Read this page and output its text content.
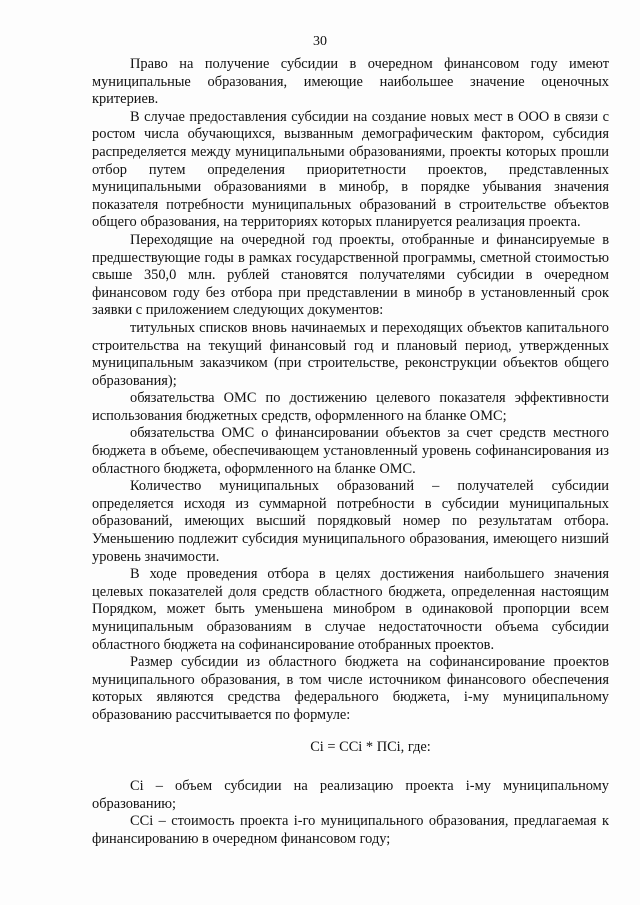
30

Право на получение субсидии в очередном финансовом году имеют муниципальные образования, имеющие наибольшее значение оценочных критериев.

В случае предоставления субсидии на создание новых мест в ООО в связи с ростом числа обучающихся, вызванным демографическим фактором, субсидия распределяется между муниципальными образованиями, проекты которых прошли отбор путем определения приоритетности проектов, представленных муниципальными образованиями в минобр, в порядке убывания значения показателя потребности муниципальных образований в строительстве объектов общего образования, на территориях которых планируется реализация проекта.

Переходящие на очередной год проекты, отобранные и финансируемые в предшествующие годы в рамках государственной программы, сметной стоимостью свыше 350,0 млн. рублей становятся получателями субсидии в очередном финансовом году без отбора при представлении в минобр в установленный срок заявки с приложением следующих документов:

титульных списков вновь начинаемых и переходящих объектов капитального строительства на текущий финансовый год и плановый период, утвержденных муниципальным заказчиком (при строительстве, реконструкции объектов общего образования);

обязательства ОМС по достижению целевого показателя эффективности использования бюджетных средств, оформленного на бланке ОМС;

обязательства ОМС о финансировании объектов за счет средств местного бюджета в объеме, обеспечивающем установленный уровень софинансирования из областного бюджета, оформленного на бланке ОМС.

Количество муниципальных образований – получателей субсидии определяется исходя из суммарной потребности в субсидии муниципальных образований, имеющих высший порядковый номер по результатам отбора. Уменьшению подлежит субсидия муниципального образования, имеющего низший уровень значимости.

В ходе проведения отбора в целях достижения наибольшего значения целевых показателей доля средств областного бюджета, определенная настоящим Порядком, может быть уменьшена минобром в одинаковой пропорции всем муниципальным образованиям в случае недостаточности объема субсидии областного бюджета на софинансирование отобранных проектов.

Размер субсидии из областного бюджета на софинансирование проектов муниципального образования, в том числе источником финансового обеспечения которых являются средства федерального бюджета, i-му муниципальному образованию рассчитывается по формуле:

Ci = ССi * ПCi, где:

Ci – объем субсидии на реализацию проекта i-му муниципальному образованию;

ССi – стоимость проекта i-го муниципального образования, предлагаемая к финансированию в очередном финансовом году;
